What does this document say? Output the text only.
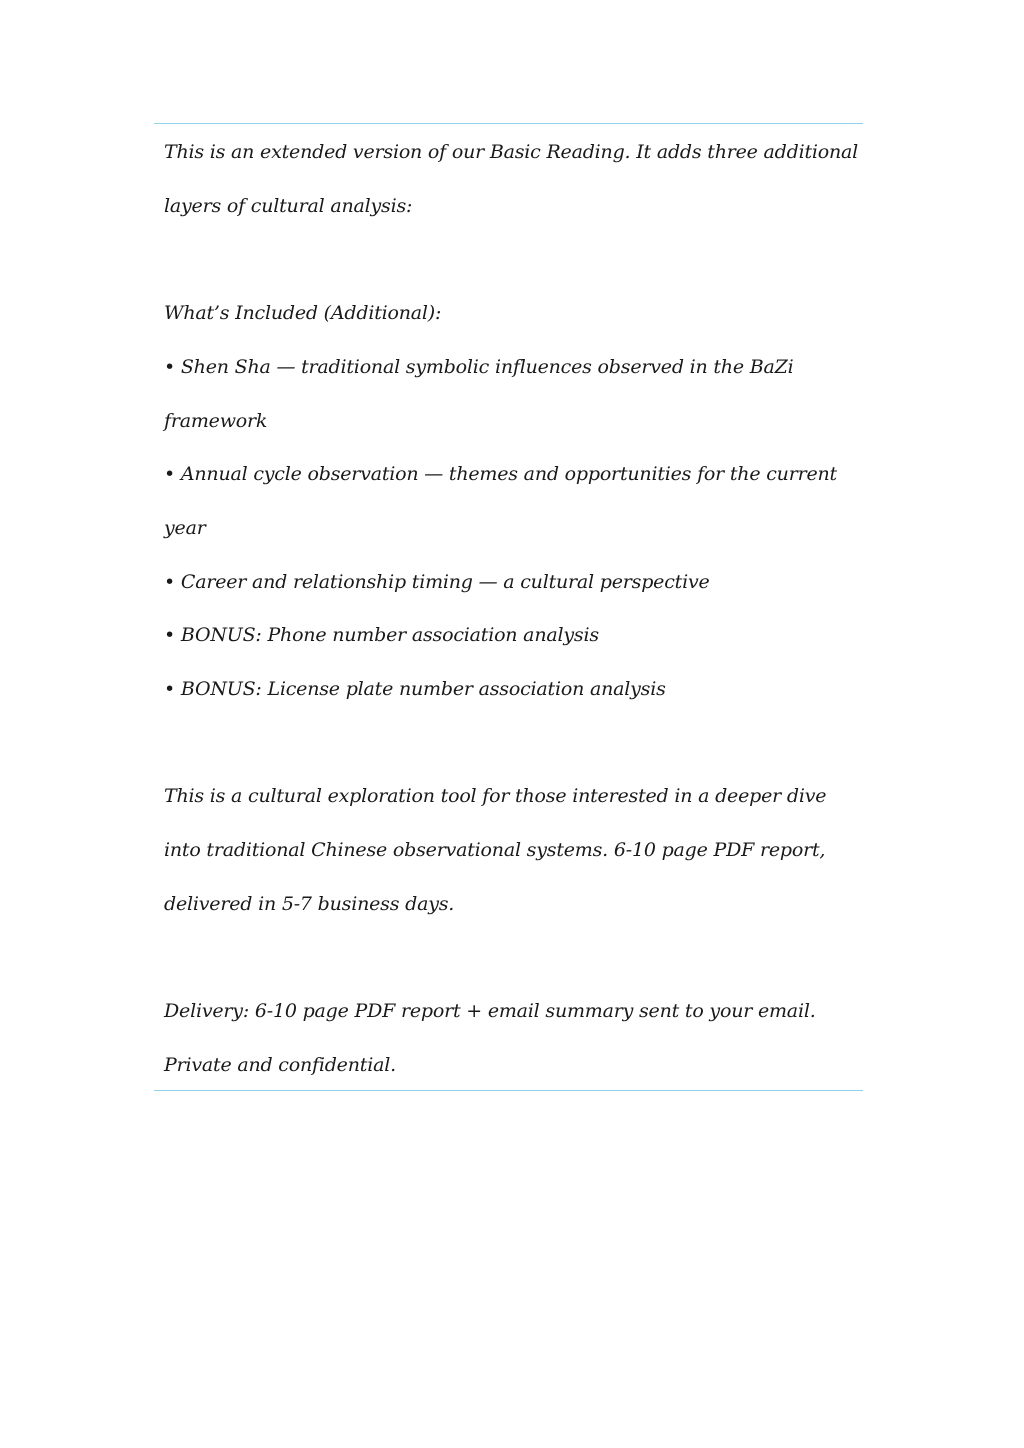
This is an extended version of our Basic Reading. It adds three additional layers of cultural analysis:

What’s Included (Additional):

• Shen Sha — traditional symbolic influences observed in the BaZi framework
• Annual cycle observation — themes and opportunities for the current year
• Career and relationship timing — a cultural perspective
• BONUS: Phone number association analysis
• BONUS: License plate number association analysis

This is a cultural exploration tool for those interested in a deeper dive into traditional Chinese observational systems. 6-10 page PDF report, delivered in 5-7 business days.

Delivery: 6-10 page PDF report + email summary sent to your email. Private and confidential.
